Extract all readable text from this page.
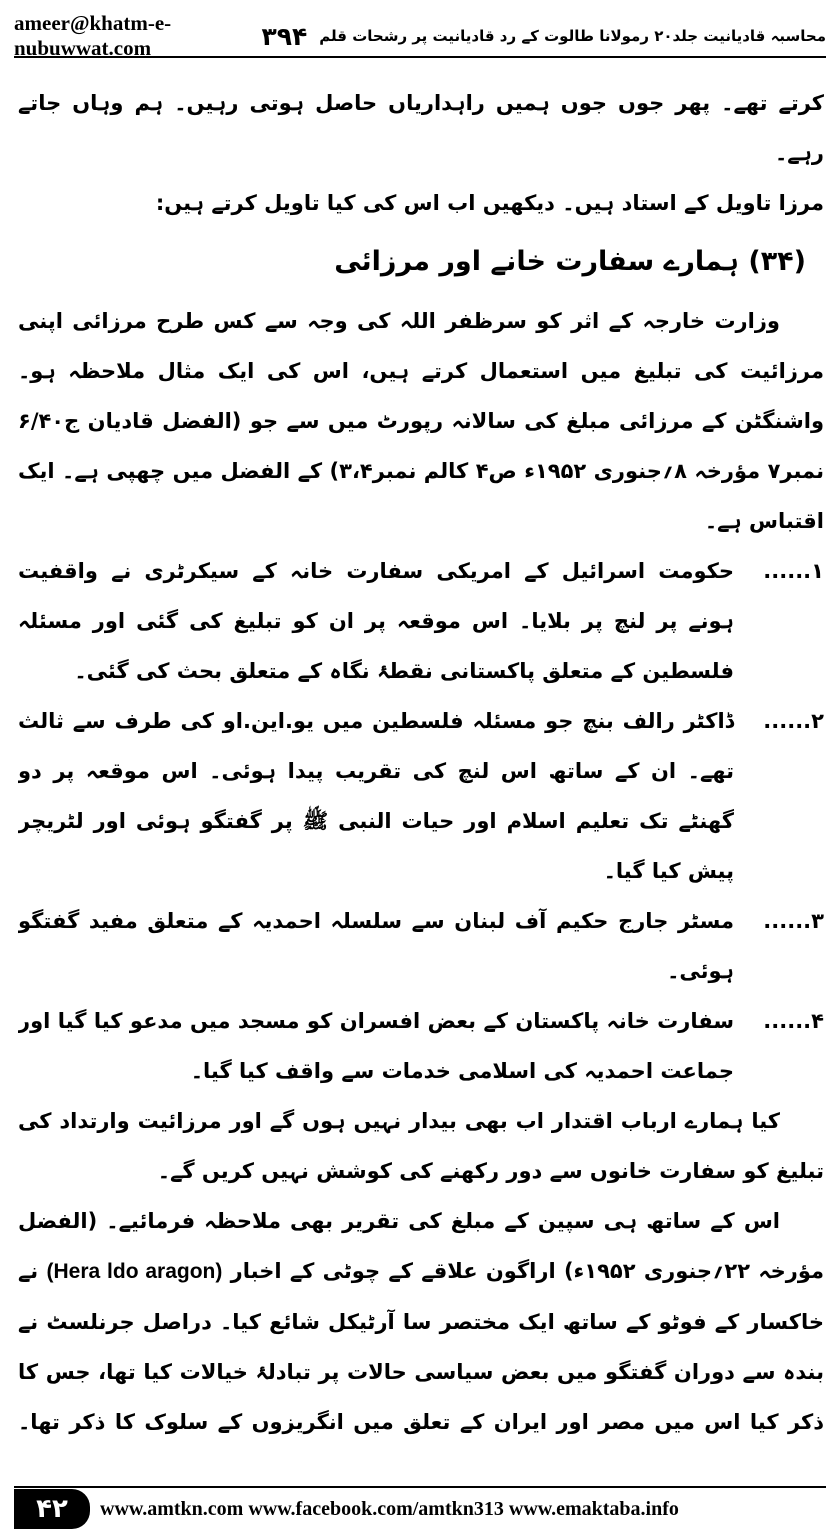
ameer@khatm-e-nubuwwat.com	محاسبہ قادیانیت جلد۲۰ رمولانا طالوت کے رد قادیانیت پر رشحات قلم
۳۹۴

کرتے تھے۔ پھر جوں جوں ہمیں راہداریاں حاصل ہوتی رہیں۔ ہم وہاں جاتے رہے۔

مرزا تاویل کے استاد ہیں۔ دیکھیں اب اس کی کیا تاویل کرتے ہیں:

(۳۴) ہمارے سفارت خانے اور مرزائی

وزارت خارجہ کے اثر کو سرظفر اللہ کی وجہ سے کس طرح مرزائی اپنی مرزائیت کی تبلیغ میں استعمال کرتے ہیں، اس کی ایک مثال ملاحظہ ہو۔ واشنگٹن کے مرزائی مبلغ کی سالانہ رپورٹ میں سے جو (الفضل قادیان ج۶/۴۰ نمبر۷ مؤرخہ ۸؍جنوری ۱۹۵۲ء ص۴ کالم نمبر۳،۴) کے الفضل میں چھپی ہے۔ ایک اقتباس ہے۔

۱......
حکومت اسرائیل کے امریکی سفارت خانہ کے سیکرٹری نے واقفیت ہونے پر لنچ پر بلایا۔ اس موقعہ پر ان کو تبلیغ کی گئی اور مسئلہ فلسطین کے متعلق پاکستانی نقطۂ نگاہ کے متعلق بحث کی گئی۔
۲......
ڈاکٹر رالف بنچ جو مسئلہ فلسطین میں یو.این.او کی طرف سے ثالث تھے۔ ان کے ساتھ اس لنچ کی تقریب پیدا ہوئی۔ اس موقعہ پر دو گھنٹے تک تعلیم اسلام اور حیات النبی ﷺ پر گفتگو ہوئی اور لٹریچر پیش کیا گیا۔
۳......
مسٹر جارج حکیم آف لبنان سے سلسلہ احمدیہ کے متعلق مفید گفتگو ہوئی۔
۴......
سفارت خانہ پاکستان کے بعض افسران کو مسجد میں مدعو کیا گیا اور جماعت احمدیہ کی اسلامی خدمات سے واقف کیا گیا۔

کیا ہمارے ارباب اقتدار اب بھی بیدار نہیں ہوں گے اور مرزائیت وارتداد کی تبلیغ کو سفارت خانوں سے دور رکھنے کی کوشش نہیں کریں گے۔

اس کے ساتھ ہی سپین کے مبلغ کی تقریر بھی ملاحظہ فرمائیے۔ (الفضل مؤرخہ ۲۲؍جنوری ۱۹۵۲ء) اراگون علاقے کے چوٹی کے اخبار (Hera ldo aragon) نے خاکسار کے فوٹو کے ساتھ ایک مختصر سا آرٹیکل شائع کیا۔ دراصل جرنلسٹ نے بندہ سے دوران گفتگو میں بعض سیاسی حالات پر تبادلۂ خیالات کیا تھا، جس کا ذکر کیا اس میں مصر اور ایران کے تعلق میں انگریزوں کے سلوک کا ذکر تھا۔

۴۲	www.amtkn.com www.facebook.com/amtkn313 www.emaktaba.info
